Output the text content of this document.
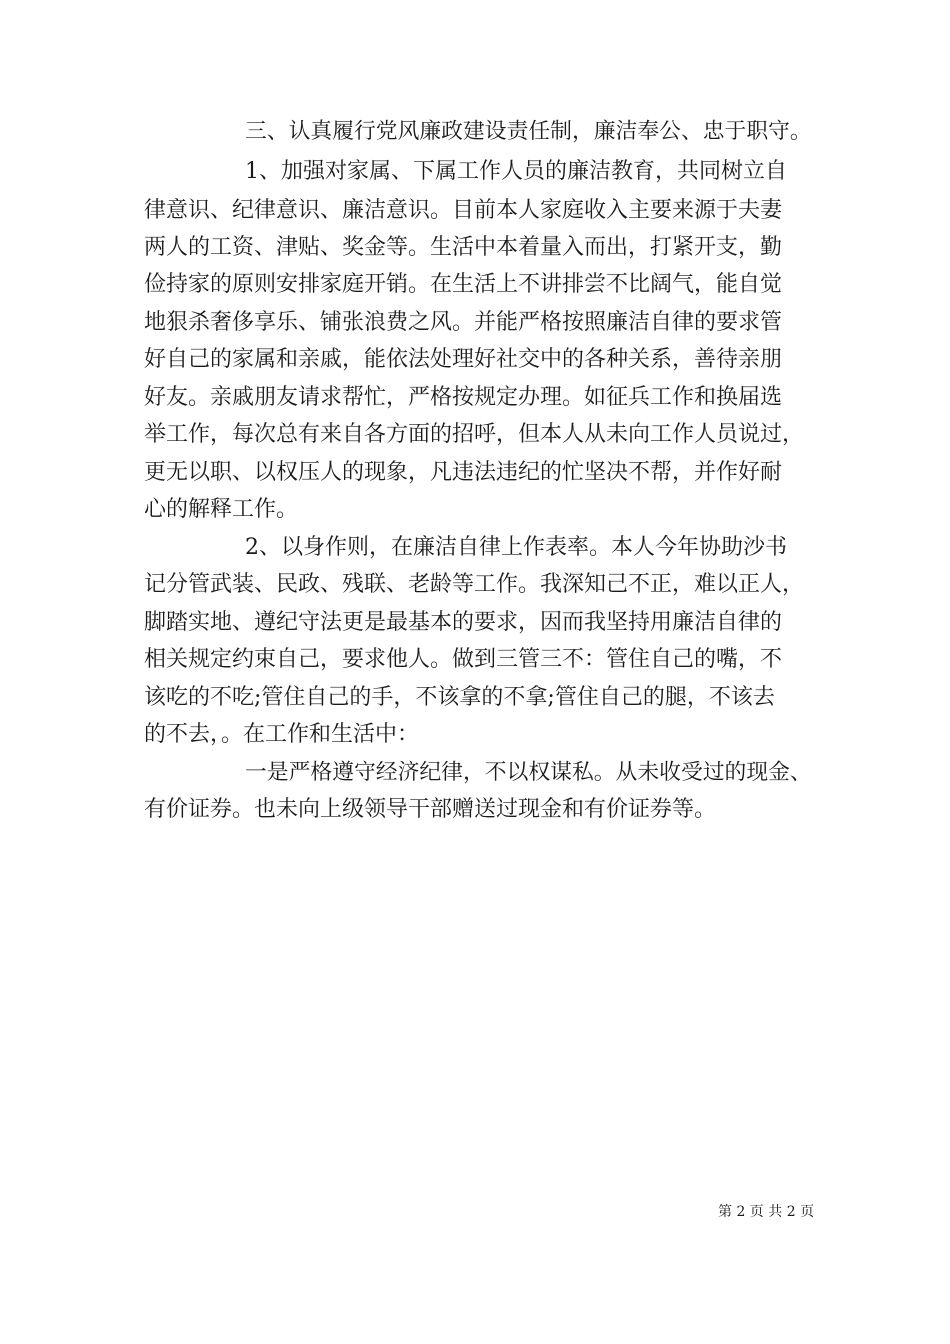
三、认真履行党风廉政建设责任制，廉洁奉公、忠于职守。
1、加强对家属、下属工作人员的廉洁教育，共同树立自
律意识、纪律意识、廉洁意识。目前本人家庭收入主要来源于夫妻
两人的工资、津贴、奖金等。生活中本着量入而出，打紧开支，勤
俭持家的原则安排家庭开销。在生活上不讲排尝不比阔气，能自觉
地狠杀奢侈享乐、铺张浪费之风。并能严格按照廉洁自律的要求管
好自己的家属和亲戚，能依法处理好社交中的各种关系，善待亲朋
好友。亲戚朋友请求帮忙，严格按规定办理。如征兵工作和换届选
举工作，每次总有来自各方面的招呼，但本人从未向工作人员说过，
更无以职、以权压人的现象，凡违法违纪的忙坚决不帮，并作好耐
心的解释工作。
2、以身作则，在廉洁自律上作表率。本人今年协助沙书
记分管武装、民政、残联、老龄等工作。我深知己不正，难以正人，
脚踏实地、遵纪守法更是最基本的要求，因而我坚持用廉洁自律的
相关规定约束自己，要求他人。做到三管三不：管住自己的嘴，不
该吃的不吃;管住自己的手，不该拿的不拿;管住自己的腿，不该去
的不去，。在工作和生活中：
一是严格遵守经济纪律，不以权谋私。从未收受过的现金、
有价证券。也未向上级领导干部赠送过现金和有价证券等。
第 2 页 共 2 页
